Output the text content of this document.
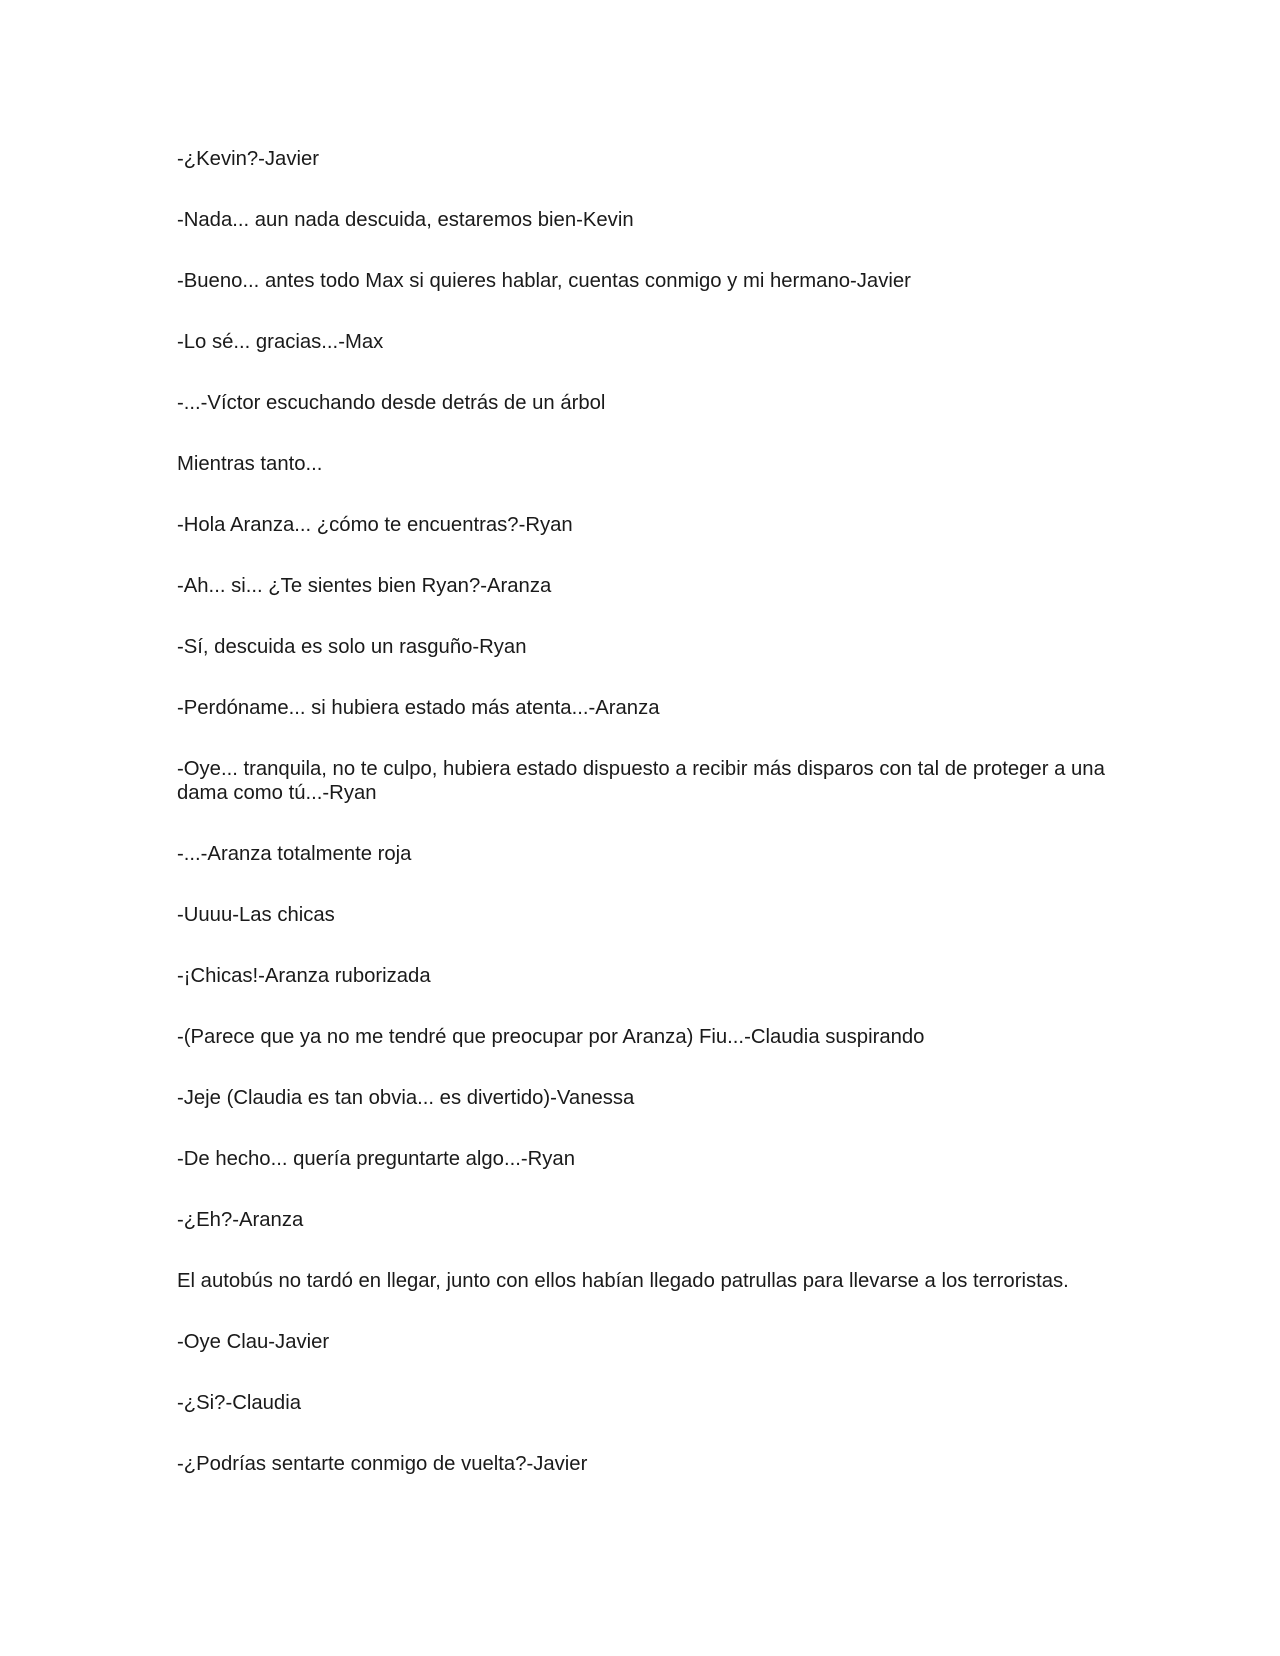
-¿Kevin?-Javier

-Nada... aun nada descuida, estaremos bien-Kevin

-Bueno... antes todo Max si quieres hablar, cuentas conmigo y mi hermano-Javier

-Lo sé... gracias...-Max

-...-Víctor escuchando desde detrás de un árbol

Mientras tanto...

-Hola Aranza... ¿cómo te encuentras?-Ryan

-Ah... si... ¿Te sientes bien Ryan?-Aranza

-Sí, descuida es solo un rasguño-Ryan

-Perdóname... si hubiera estado más atenta...-Aranza

-Oye... tranquila, no te culpo, hubiera estado dispuesto a recibir más disparos con tal de proteger a una dama como tú...-Ryan

-...-Aranza totalmente roja

-Uuuu-Las chicas

-¡Chicas!-Aranza ruborizada

-(Parece que ya no me tendré que preocupar por Aranza) Fiu...-Claudia suspirando

-Jeje (Claudia es tan obvia... es divertido)-Vanessa

-De hecho... quería preguntarte algo...-Ryan

-¿Eh?-Aranza

El autobús no tardó en llegar, junto con ellos habían llegado patrullas para llevarse a los terroristas.

-Oye Clau-Javier

-¿Si?-Claudia

-¿Podrías sentarte conmigo de vuelta?-Javier
